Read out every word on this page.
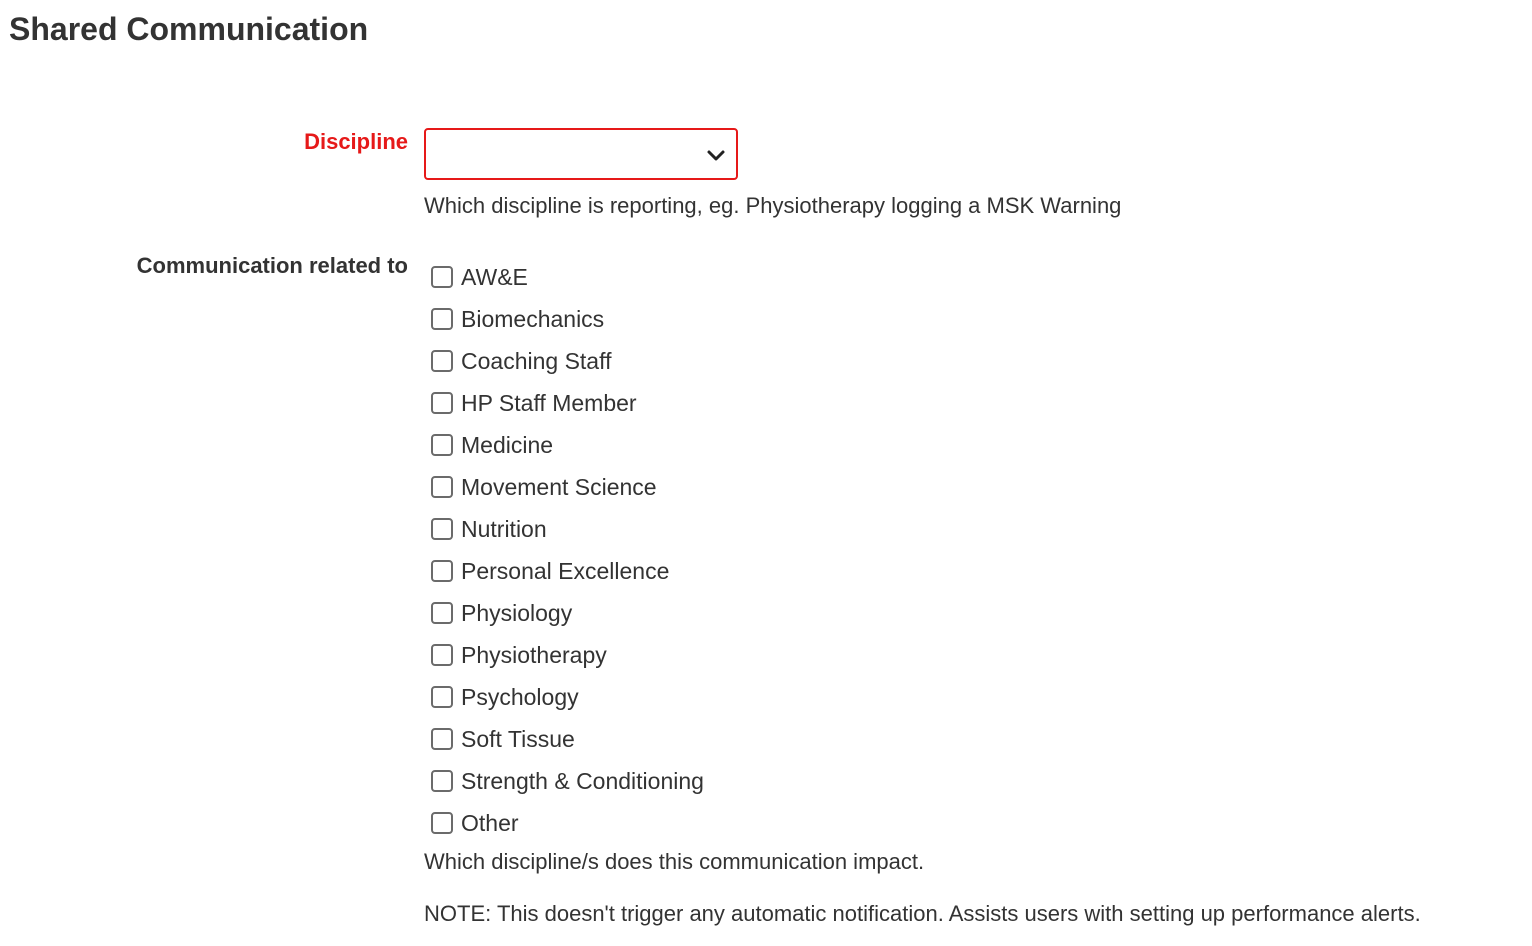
Shared Communication
Discipline
Which discipline is reporting, eg. Physiotherapy logging a MSK Warning
Communication related to AW&E
Biomechanics
Coaching Staff
HP Staff Member
Medicine
Movement Science
Nutrition
Personal Excellence
Physiology
Physiotherapy
Psychology
Soft Tissue
Strength & Conditioning
Other
Which discipline/s does this communication impact.
NOTE: This doesn't trigger any automatic notification. Assists users with setting up performance alerts.
